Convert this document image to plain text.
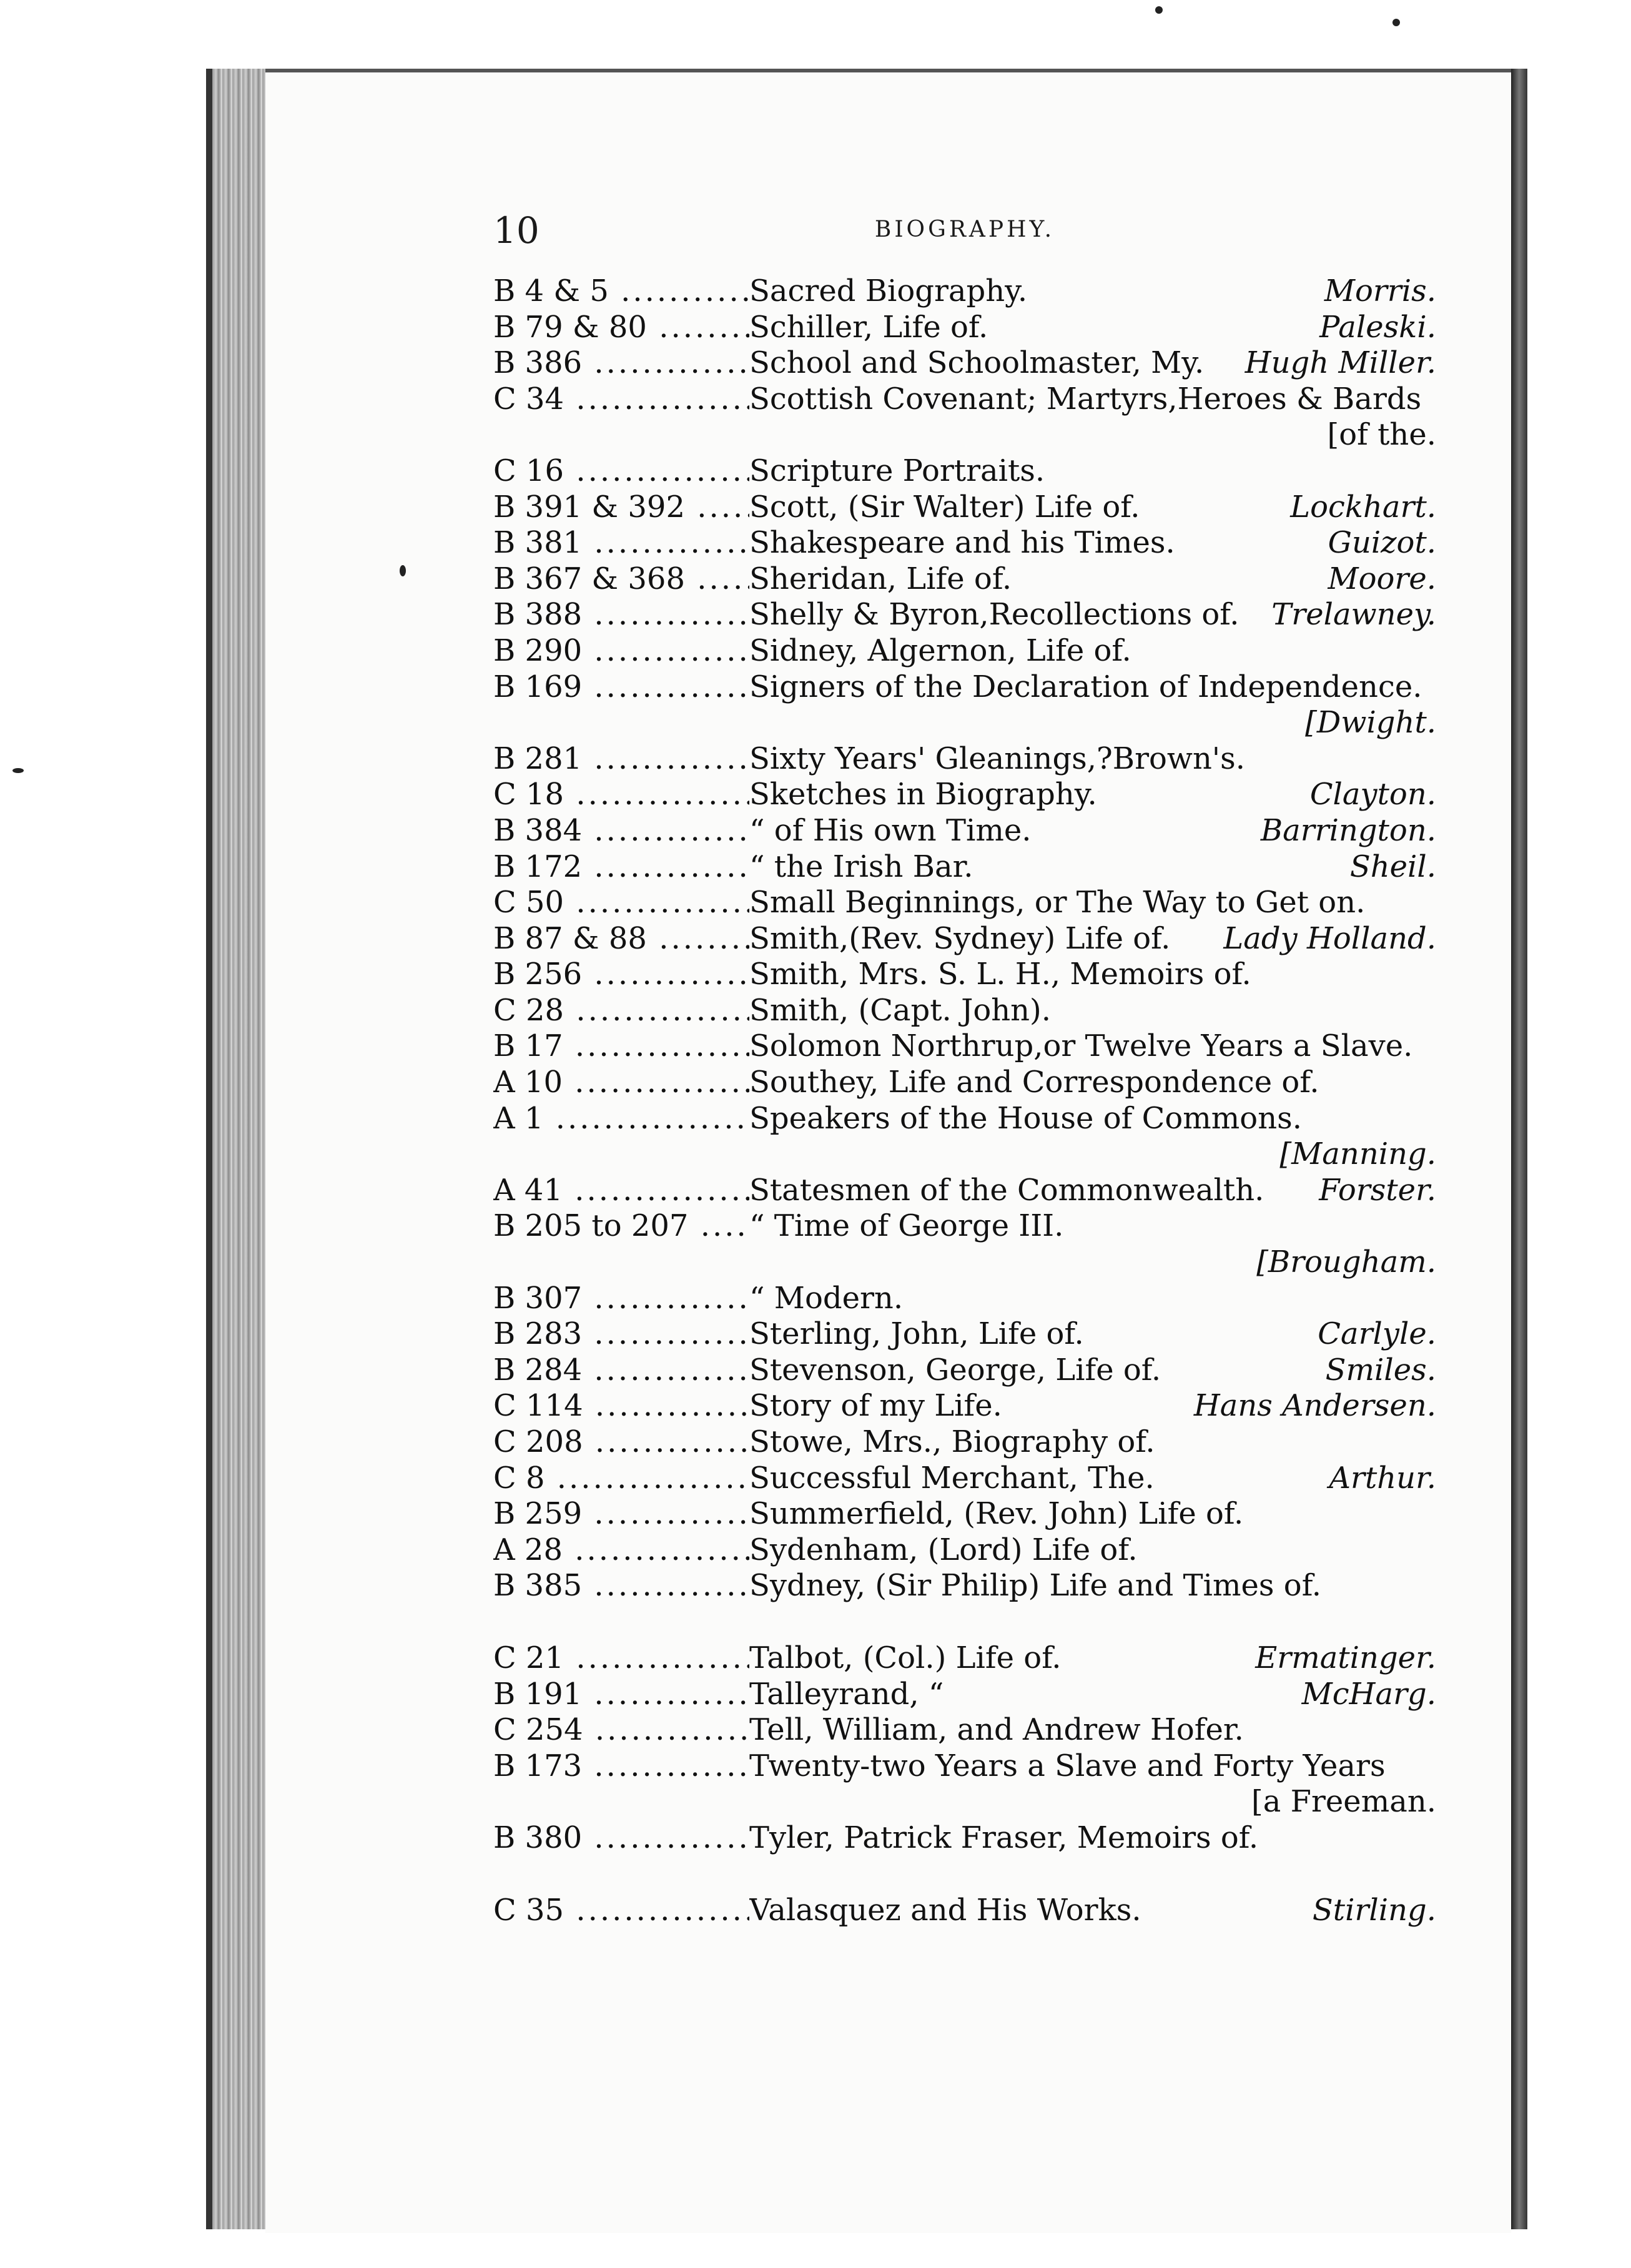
10	BIOGRAPHY.
B 4 & 5 .....	Sacred Biography.	Morris.
B 79 & 80 .....	Schiller, Life of.	Paleski.
B 386 .....	School and Schoolmaster, My.	Hugh Miller.
C 34 .....	Scottish Covenant; Martyrs,Heroes & Bards
[of the.
C 16 .....	Scripture Portraits.
B 391 & 392 .....	Scott, (Sir Walter) Life of.	Lockhart.
B 381 .....	Shakespeare and his Times.	Guizot.
B 367 & 368 .....	Sheridan, Life of.	Moore.
B 388 .....	Shelly & Byron,Recollections of.	Trelawney.
B 290 .....	Sidney, Algernon, Life of.
B 169 .....	Signers of the Declaration of Independence.
[Dwight.
B 281 .....	Sixty Years' Gleanings,?Brown's.
C 18 .....	Sketches in Biography.	Clayton.
B 384 .....	“ of His own Time.	Barrington.
B 172 .....	“ the Irish Bar.	Sheil.
C 50 .....	Small Beginnings, or The Way to Get on.
B 87 & 88 .....	Smith,(Rev. Sydney) Life of.	Lady Holland.
B 256 .....	Smith, Mrs. S. L. H., Memoirs of.
C 28 .....	Smith, (Capt. John).
B 17 .....	Solomon Northrup,or Twelve Years a Slave.
A 10 .....	Southey, Life and Correspondence of.
A 1 .....	Speakers of the House of Commons.
[Manning.
A 41 .....	Statesmen of the Commonwealth.	Forster.
B 205 to 207 .....	“ Time of George III.
[Brougham.
B 307 .....	“ Modern.
B 283 .....	Sterling, John, Life of.	Carlyle.
B 284 .....	Stevenson, George, Life of.	Smiles.
C 114 .....	Story of my Life.	Hans Andersen.
C 208 .....	Stowe, Mrs., Biography of.
C 8 .....	Successful Merchant, The.	Arthur.
B 259 .....	Summerfield, (Rev. John) Life of.
A 28 .....	Sydenham, (Lord) Life of.
B 385 .....	Sydney, (Sir Philip) Life and Times of.
C 21 .....	Talbot, (Col.) Life of.	Ermatinger.
B 191 .....	Talleyrand, “	McHarg.
C 254 .....	Tell, William, and Andrew Hofer.
B 173 .....	Twenty-two Years a Slave and Forty Years
[a Freeman.
B 380 .....	Tyler, Patrick Fraser, Memoirs of.
C 35 .....	Valasquez and His Works.	Stirling.
